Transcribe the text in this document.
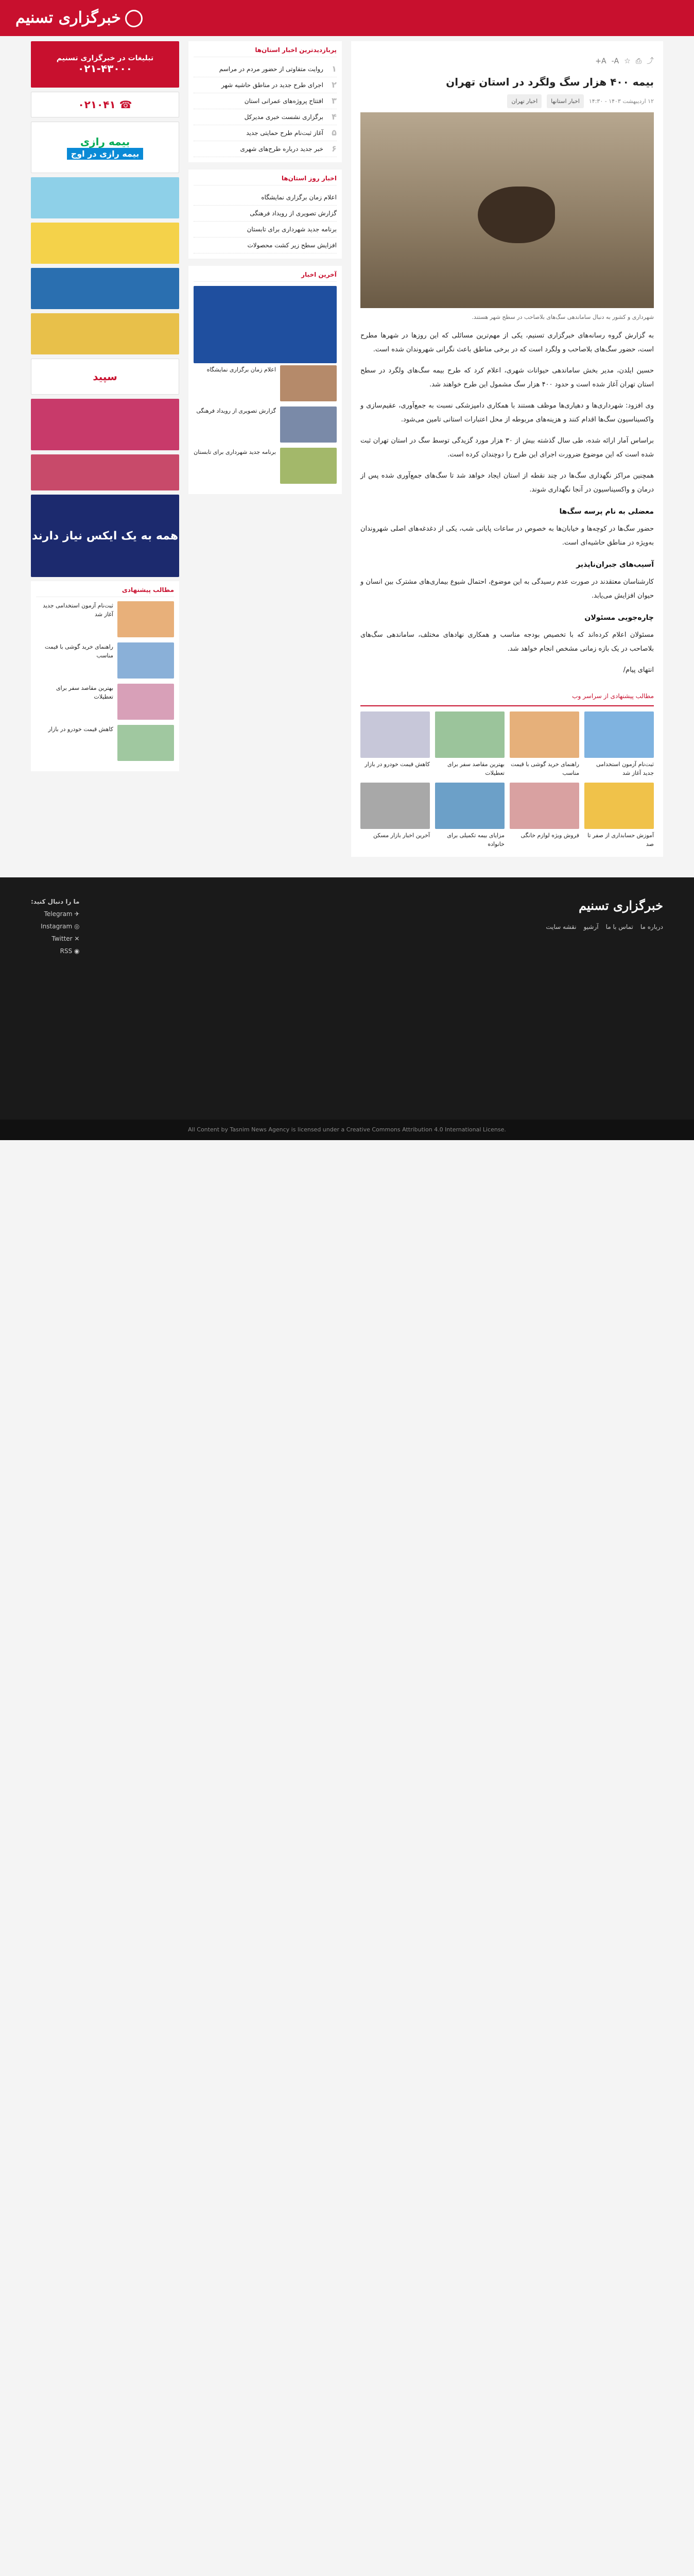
خبرگزاری تسنیم
⤴
⎙
☆
A-
A+
بیمه ۴۰۰ هزار سگ ولگرد در استان تهران
۱۲ اردیبهشت ۱۴۰۳ - ۱۴:۳۰
اخبار استانها
اخبار تهران
شهرداری و کشور به دنبال ساماندهی سگ‌های بلاصاحب در سطح شهر هستند.

به گزارش گروه رسانه‌های خبرگزاری تسنیم، یکی از مهم‌ترین مسائلی که این روزها در شهرها مطرح است، حضور سگ‌های بلاصاحب و ولگرد است که در برخی مناطق باعث نگرانی شهروندان شده است.

حسین ایلدن، مدیر بخش ساماندهی حیوانات شهری، اعلام کرد که طرح بیمه سگ‌های ولگرد در سطح استان تهران آغاز شده است و حدود ۴۰۰ هزار سگ مشمول این طرح خواهند شد.

وی افزود: شهرداری‌ها و دهیاری‌ها موظف هستند با همکاری دامپزشکی نسبت به جمع‌آوری، عقیم‌سازی و واکسیناسیون سگ‌ها اقدام کنند و هزینه‌های مربوطه از محل اعتبارات استانی تامین می‌شود.

براساس آمار ارائه شده، طی سال گذشته بیش از ۳۰ هزار مورد گزیدگی توسط سگ در استان تهران ثبت شده است که این موضوع ضرورت اجرای این طرح را دوچندان کرده است.

همچنین مراکز نگهداری سگ‌ها در چند نقطه از استان ایجاد خواهد شد تا سگ‌های جمع‌آوری شده پس از درمان و واکسیناسیون در آنجا نگهداری شوند.

معضلی به نام پرسه سگ‌ها

حضور سگ‌ها در کوچه‌ها و خیابان‌ها به خصوص در ساعات پایانی شب، یکی از دغدغه‌های اصلی شهروندان به‌ویژه در مناطق حاشیه‌ای است.

آسیب‌های جبران‌ناپذیر

کارشناسان معتقدند در صورت عدم رسیدگی به این موضوع، احتمال شیوع بیماری‌های مشترک بین انسان و حیوان افزایش می‌یابد.

چاره‌جویی مسئولان

مسئولان اعلام کرده‌اند که با تخصیص بودجه مناسب و همکاری نهادهای مختلف، ساماندهی سگ‌های بلاصاحب در یک بازه زمانی مشخص انجام خواهد شد.

انتهای پیام/

مطالب پیشنهادی از سراسر وب
ثبت‌نام آزمون استخدامی جدید آغاز شد
راهنمای خرید گوشی با قیمت مناسب
بهترین مقاصد سفر برای تعطیلات
کاهش قیمت خودرو در بازار
آموزش حسابداری از صفر تا صد
فروش ویژه لوازم خانگی
مزایای بیمه تکمیلی برای خانواده
آخرین اخبار بازار مسکن
پربازدیدترین اخبار استان‌ها
۱
روایت متفاوتی از حضور مردم در مراسم
۲
اجرای طرح جدید در مناطق حاشیه شهر
۳
افتتاح پروژه‌های عمرانی استان
۴
برگزاری نشست خبری مدیرکل
۵
آغاز ثبت‌نام طرح حمایتی جدید
۶
خبر جدید درباره طرح‌های شهری
اخبار روز استان‌ها
اعلام زمان برگزاری نمایشگاه
گزارش تصویری از رویداد فرهنگی
برنامه جدید شهرداری برای تابستان
افزایش سطح زیر کشت محصولات
آخرین اخبار
اعلام زمان برگزاری نمایشگاه
گزارش تصویری از رویداد فرهنگی
برنامه جدید شهرداری برای تابستان
تبلیغات در خبرگزاری تسنیم
۰۲۱-۴۳۰۰۰
☎ ۰۲۱۰۴۱
بیمه رازی
بیمه رازی در اوج
سپید
همه به یک ایکس نیاز دارند
مطالب پیشنهادی
ثبت‌نام آزمون استخدامی جدید آغاز شد
راهنمای خرید گوشی با قیمت مناسب
بهترین مقاصد سفر برای تعطیلات
کاهش قیمت خودرو در بازار
خبرگزاری تسنیم
درباره ما
تماس با ما
آرشیو
نقشه سایت
ما را دنبال کنید:
✈ Telegram
◎ Instagram
✕ Twitter
◉ RSS
All Content by Tasnim News Agency is licensed under a Creative Commons Attribution 4.0 International License.
